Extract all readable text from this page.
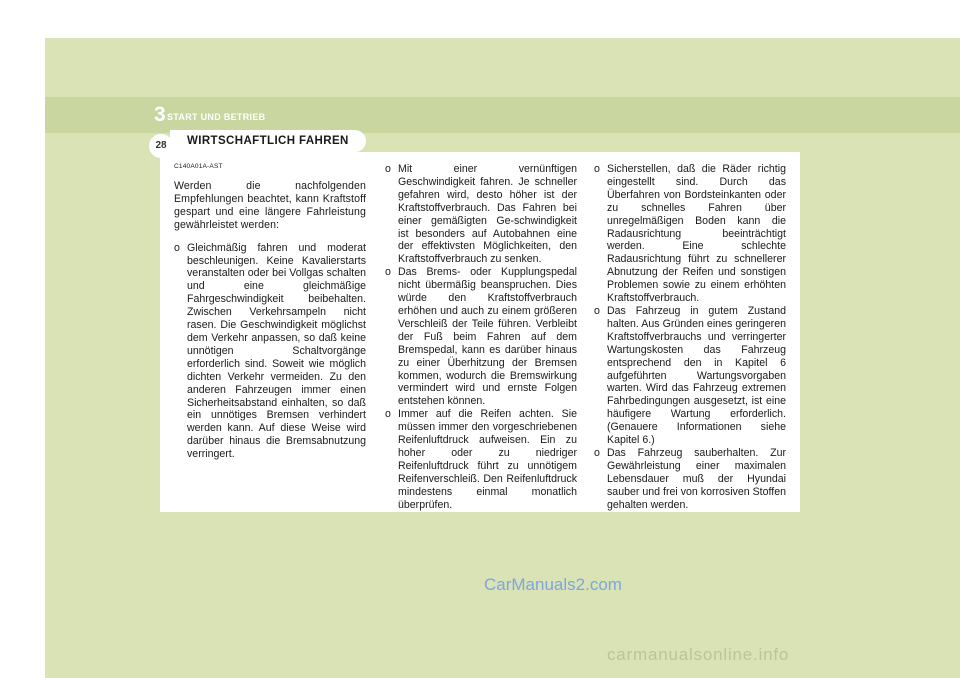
3 START UND BETRIEB
28	WIRTSCHAFTLICH FAHREN
C140A01A-AST
Werden die nachfolgenden Empfehlungen beachtet, kann Kraftstoff gespart und eine längere Fahrleistung gewährleistet werden:
o Gleichmäßig fahren und moderat beschleunigen. Keine Kavalierstarts veranstalten oder bei Vollgas schalten und eine gleichmäßige Fahrgeschwindigkeit beibehalten. Zwischen Verkehrsampeln nicht rasen. Die Geschwindigkeit möglichst dem Verkehr anpassen, so daß keine unnötigen Schaltvorgänge erforderlich sind. Soweit wie möglich dichten Verkehr vermeiden. Zu den anderen Fahrzeugen immer einen Sicherheitsabstand einhalten, so daß ein unnötiges Bremsen verhindert werden kann. Auf diese Weise wird darüber hinaus die Bremsabnutzung verringert.
o Mit einer vernünftigen Geschwindigkeit fahren. Je schneller gefahren wird, desto höher ist der Kraftstoffverbrauch. Das Fahren bei einer gemäßigten Ge-schwindigkeit ist besonders auf Autobahnen eine der effektivsten Möglichkeiten, den Kraftstoffverbrauch zu senken.
o Das Brems- oder Kupplungspedal nicht übermäßig beanspruchen. Dies würde den Kraftstoffverbrauch erhöhen und auch zu einem größeren Verschleiß der Teile führen. Verbleibt der Fuß beim Fahren auf dem Bremspedal, kann es darüber hinaus zu einer Überhitzung der Bremsen kommen, wodurch die Bremswirkung vermindert wird und ernste Folgen entstehen können.
o Immer auf die Reifen achten. Sie müssen immer den vorgeschriebenen Reifenluftdruck aufweisen. Ein zu hoher oder zu niedriger Reifenluftdruck führt zu unnötigem Reifenverschleiß. Den Reifenluftdruck mindestens einmal monatlich überprüfen.
o Sicherstellen, daß die Räder richtig eingestellt sind. Durch das Überfahren von Bordsteinkanten oder zu schnelles Fahren über unregelmäßigen Boden kann die Radausrichtung beeinträchtigt werden. Eine schlechte Radausrichtung führt zu schnellerer Abnutzung der Reifen und sonstigen Problemen sowie zu einem erhöhten Kraftstoffverbrauch.
o Das Fahrzeug in gutem Zustand halten. Aus Gründen eines geringeren Kraftstoffverbrauchs und verringerter Wartungskosten das Fahrzeug entsprechend den in Kapitel 6 aufgeführten Wartungsvorgaben warten. Wird das Fahrzeug extremen Fahrbedingungen ausgesetzt, ist eine häufigere Wartung erforderlich. (Genauere Informationen siehe Kapitel 6.)
o Das Fahrzeug sauberhalten. Zur Gewährleistung einer maximalen Lebensdauer muß der Hyundai sauber und frei von korrosiven Stoffen gehalten werden.
CarManuals2.com
carmanualsonline.info
